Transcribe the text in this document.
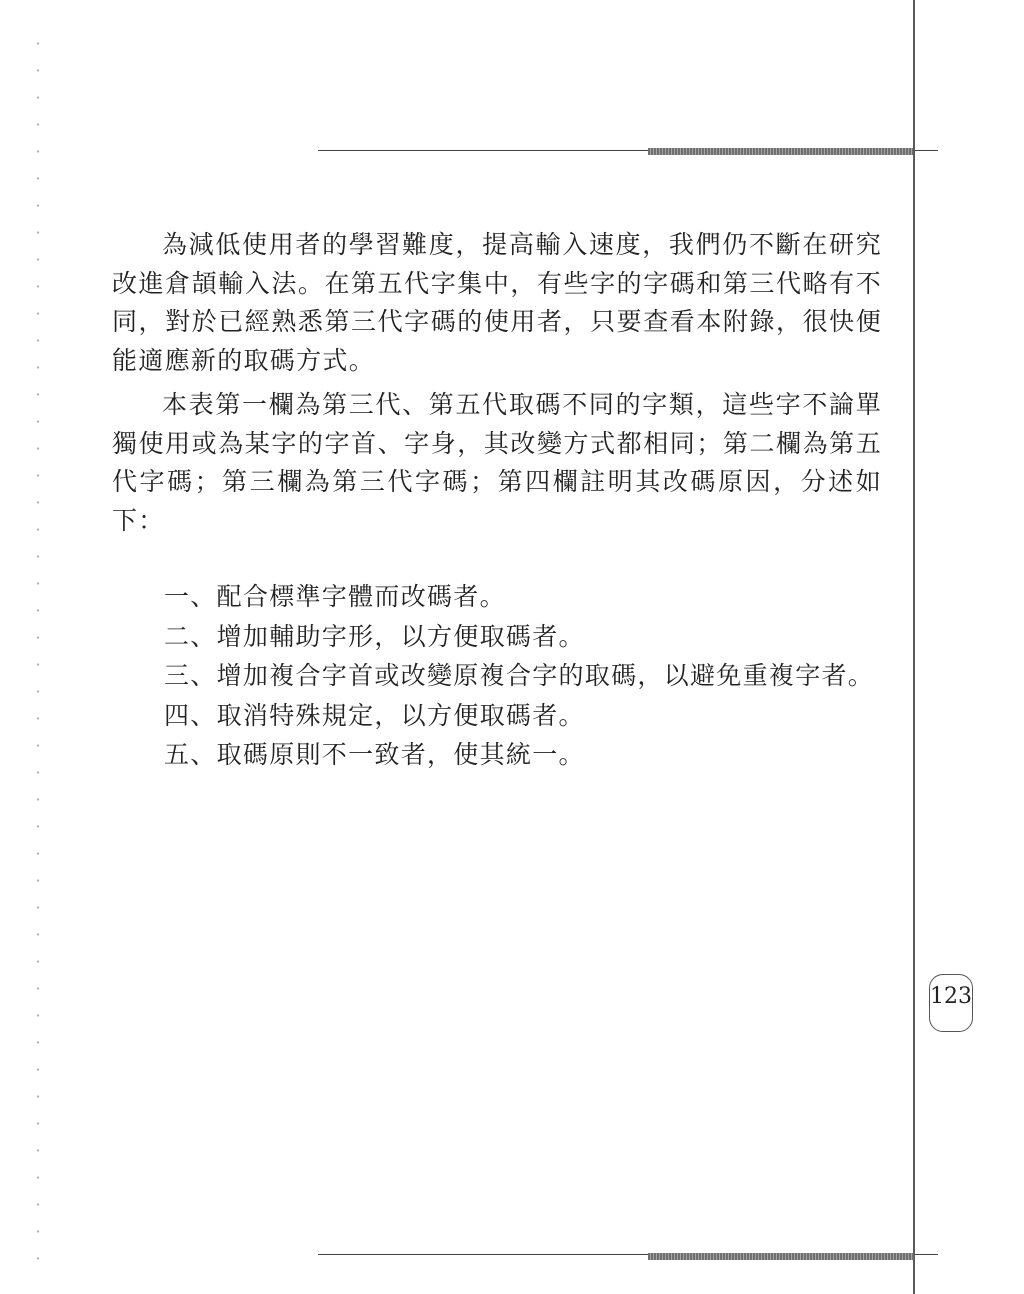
為減低使用者的學習難度，提高輸入速度，我們仍不斷在研究改進倉頡輸入法。在第五代字集中，有些字的字碼和第三代略有不同，對於已經熟悉第三代字碼的使用者，只要查看本附錄，很快便能適應新的取碼方式。

本表第一欄為第三代、第五代取碼不同的字類，這些字不論單獨使用或為某字的字首、字身，其改變方式都相同；第二欄為第五代字碼；第三欄為第三代字碼；第四欄註明其改碼原因，分述如下：

一、配合標準字體而改碼者。
二、增加輔助字形，以方便取碼者。
三、增加複合字首或改變原複合字的取碼，以避免重複字者。
四、取消特殊規定，以方便取碼者。
五、取碼原則不一致者，使其統一。
123
